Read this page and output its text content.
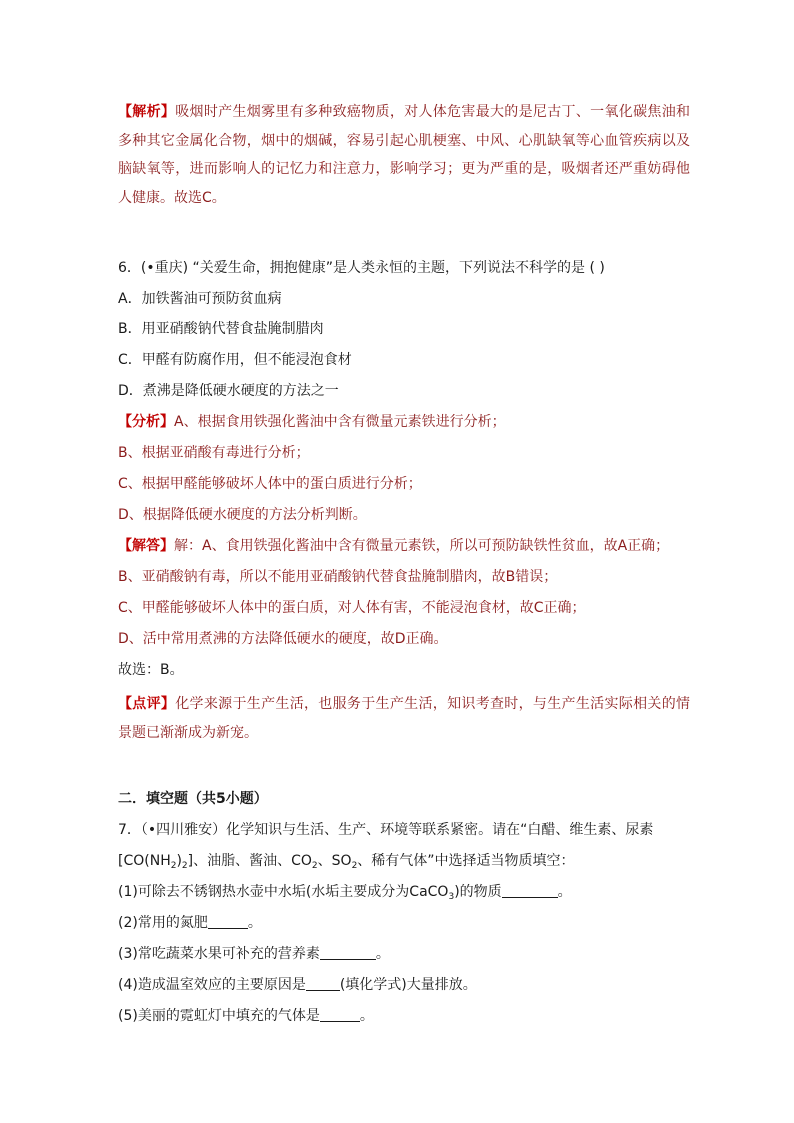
【解析】吸烟时产生烟雾里有多种致癌物质，对人体危害最大的是尼古丁、一氧化碳焦油和多种其它金属化合物，烟中的烟碱，容易引起心肌梗塞、中风、心肌缺氧等心血管疾病以及脑缺氧等，进而影响人的记忆力和注意力，影响学习；更为严重的是，吸烟者还严重妨碍他人健康。故选C。
6．(•重庆) “关爱生命，拥抱健康”是人类永恒的主题，下列说法不科学的是 ( )
A．加铁酱油可预防贫血病
B．用亚硝酸钠代替食盐腌制腊肉
C．甲醛有防腐作用，但不能浸泡食材
D．煮沸是降低硬水硬度的方法之一
【分析】A、根据食用铁强化酱油中含有微量元素铁进行分析；
B、根据亚硝酸有毒进行分析；
C、根据甲醛能够破坏人体中的蛋白质进行分析；
D、根据降低硬水硬度的方法分析判断。
【解答】解：A、食用铁强化酱油中含有微量元素铁，所以可预防缺铁性贫血，故A正确；
B、亚硝酸钠有毒，所以不能用亚硝酸钠代替食盐腌制腊肉，故B错误；
C、甲醛能够破坏人体中的蛋白质，对人体有害，不能浸泡食材，故C正确；
D、活中常用煮沸的方法降低硬水的硬度，故D正确。
故选：B。
【点评】化学来源于生产生活，也服务于生产生活，知识考查时，与生产生活实际相关的情景题已渐渐成为新宠。
二．填空题（共5小题）
7．（•四川雅安）化学知识与生活、生产、环境等联系紧密。请在“白醋、维生素、尿素
$[CO(NH_2)_2]$、油脂、酱油、$CO_2$、$SO_2$、稀有气体”中选择适当物质填空：
(1)可除去不锈钢热水壶中水垢(水垢主要成分为CaCO$_3$)的物质	。
(2)常用的氮肥	。
(3)常吃蔬菜水果可补充的营养素	。
(4)造成温室效应的主要原因是 (填化学式)大量排放。
(5)美丽的霓虹灯中填充的气体是	。
